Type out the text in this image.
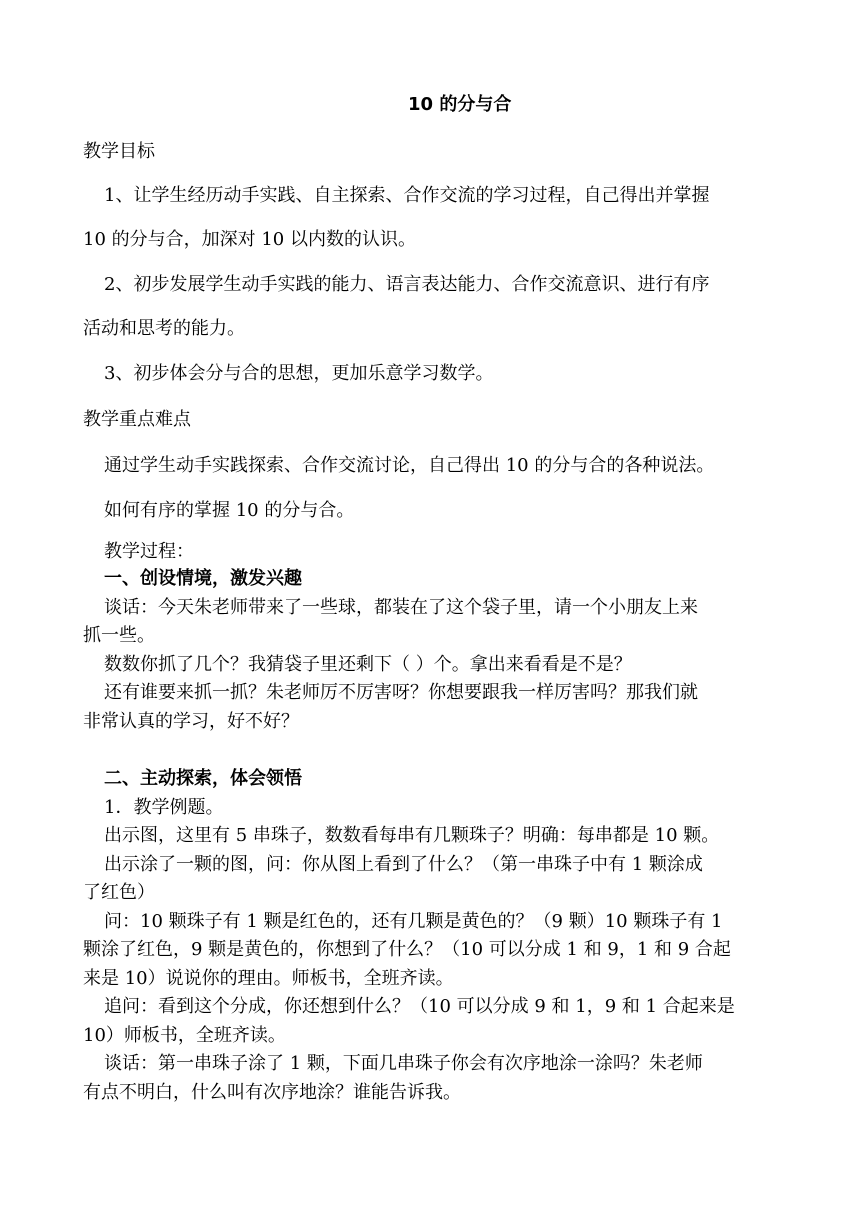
10 的分与合

教学目标

1、让学生经历动手实践、自主探索、合作交流的学习过程，自己得出并掌握

10 的分与合，加深对 10 以内数的认识。

2、初步发展学生动手实践的能力、语言表达能力、合作交流意识、进行有序

活动和思考的能力。

3、初步体会分与合的思想，更加乐意学习数学。

教学重点难点

通过学生动手实践探索、合作交流讨论，自己得出 10 的分与合的各种说法。

如何有序的掌握 10 的分与合。

教学过程：

一、创设情境，激发兴趣

谈话：今天朱老师带来了一些球，都装在了这个袋子里，请一个小朋友上来

抓一些。

数数你抓了几个？我猜袋子里还剩下（ ）个。拿出来看看是不是？

还有谁要来抓一抓？朱老师厉不厉害呀？你想要跟我一样厉害吗？那我们就

非常认真的学习，好不好？

二、主动探索，体会领悟

1．教学例题。

出示图，这里有 5 串珠子，数数看每串有几颗珠子？明确：每串都是 10 颗。

出示涂了一颗的图，问：你从图上看到了什么？（第一串珠子中有 1 颗涂成

了红色）

问：10 颗珠子有 1 颗是红色的，还有几颗是黄色的？（9 颗）10 颗珠子有 1

颗涂了红色，9 颗是黄色的，你想到了什么？（10 可以分成 1 和 9，1 和 9 合起

来是 10）说说你的理由。师板书，全班齐读。

追问：看到这个分成，你还想到什么？（10 可以分成 9 和 1，9 和 1 合起来是

10）师板书，全班齐读。

谈话：第一串珠子涂了 1 颗，下面几串珠子你会有次序地涂一涂吗？朱老师

有点不明白，什么叫有次序地涂？谁能告诉我。
